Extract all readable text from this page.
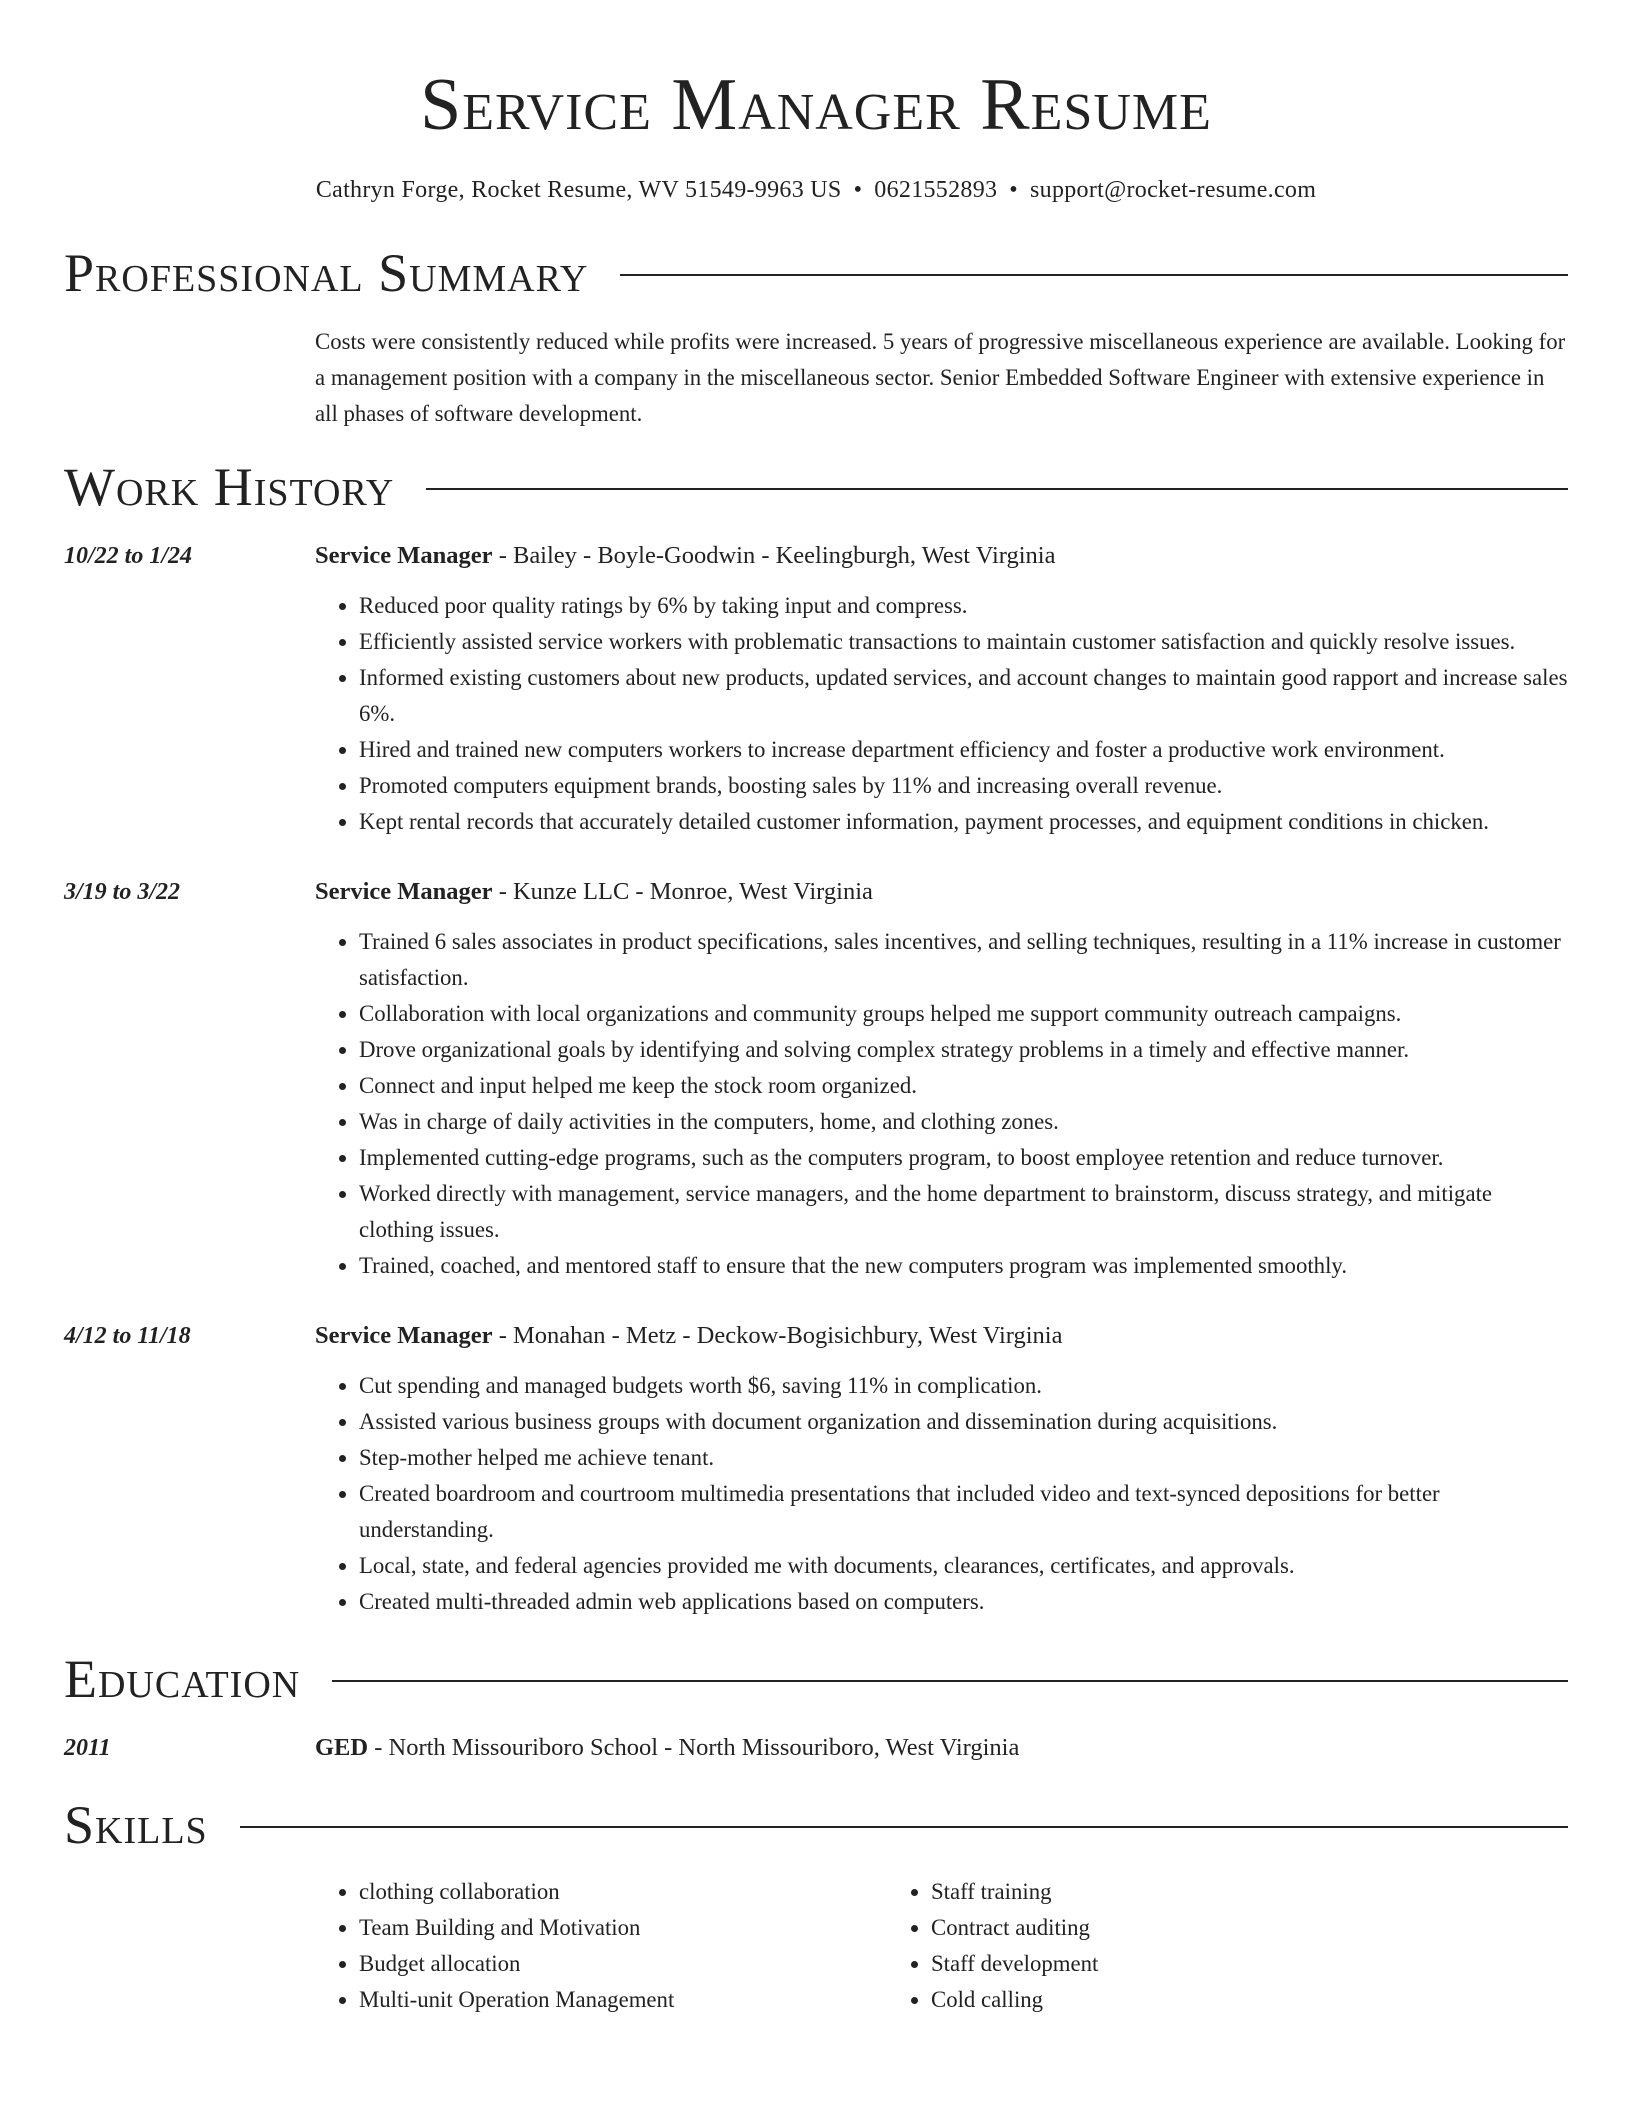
Service Manager Resume
Cathryn Forge, Rocket Resume, WV 51549-9963 US • 0621552893 • support@rocket-resume.com
Professional Summary
Costs were consistently reduced while profits were increased. 5 years of progressive miscellaneous experience are available. Looking for a management position with a company in the miscellaneous sector. Senior Embedded Software Engineer with extensive experience in all phases of software development.
Work History
10/22 to 1/24	Service Manager - Bailey - Boyle-Goodwin - Keelingburgh, West Virginia
• Reduced poor quality ratings by 6% by taking input and compress.
• Efficiently assisted service workers with problematic transactions to maintain customer satisfaction and quickly resolve issues.
• Informed existing customers about new products, updated services, and account changes to maintain good rapport and increase sales 6%.
• Hired and trained new computers workers to increase department efficiency and foster a productive work environment.
• Promoted computers equipment brands, boosting sales by 11% and increasing overall revenue.
• Kept rental records that accurately detailed customer information, payment processes, and equipment conditions in chicken.
3/19 to 3/22	Service Manager - Kunze LLC - Monroe, West Virginia
• Trained 6 sales associates in product specifications, sales incentives, and selling techniques, resulting in a 11% increase in customer satisfaction.
• Collaboration with local organizations and community groups helped me support community outreach campaigns.
• Drove organizational goals by identifying and solving complex strategy problems in a timely and effective manner.
• Connect and input helped me keep the stock room organized.
• Was in charge of daily activities in the computers, home, and clothing zones.
• Implemented cutting-edge programs, such as the computers program, to boost employee retention and reduce turnover.
• Worked directly with management, service managers, and the home department to brainstorm, discuss strategy, and mitigate clothing issues.
• Trained, coached, and mentored staff to ensure that the new computers program was implemented smoothly.
4/12 to 11/18	Service Manager - Monahan - Metz - Deckow-Bogisichbury, West Virginia
• Cut spending and managed budgets worth $6, saving 11% in complication.
• Assisted various business groups with document organization and dissemination during acquisitions.
• Step-mother helped me achieve tenant.
• Created boardroom and courtroom multimedia presentations that included video and text-synced depositions for better understanding.
• Local, state, and federal agencies provided me with documents, clearances, certificates, and approvals.
• Created multi-threaded admin web applications based on computers.
Education
2011	GED - North Missouriboro School - North Missouriboro, West Virginia
Skills
• clothing collaboration
• Team Building and Motivation
• Budget allocation
• Multi-unit Operation Management
• Staff training
• Contract auditing
• Staff development
• Cold calling
